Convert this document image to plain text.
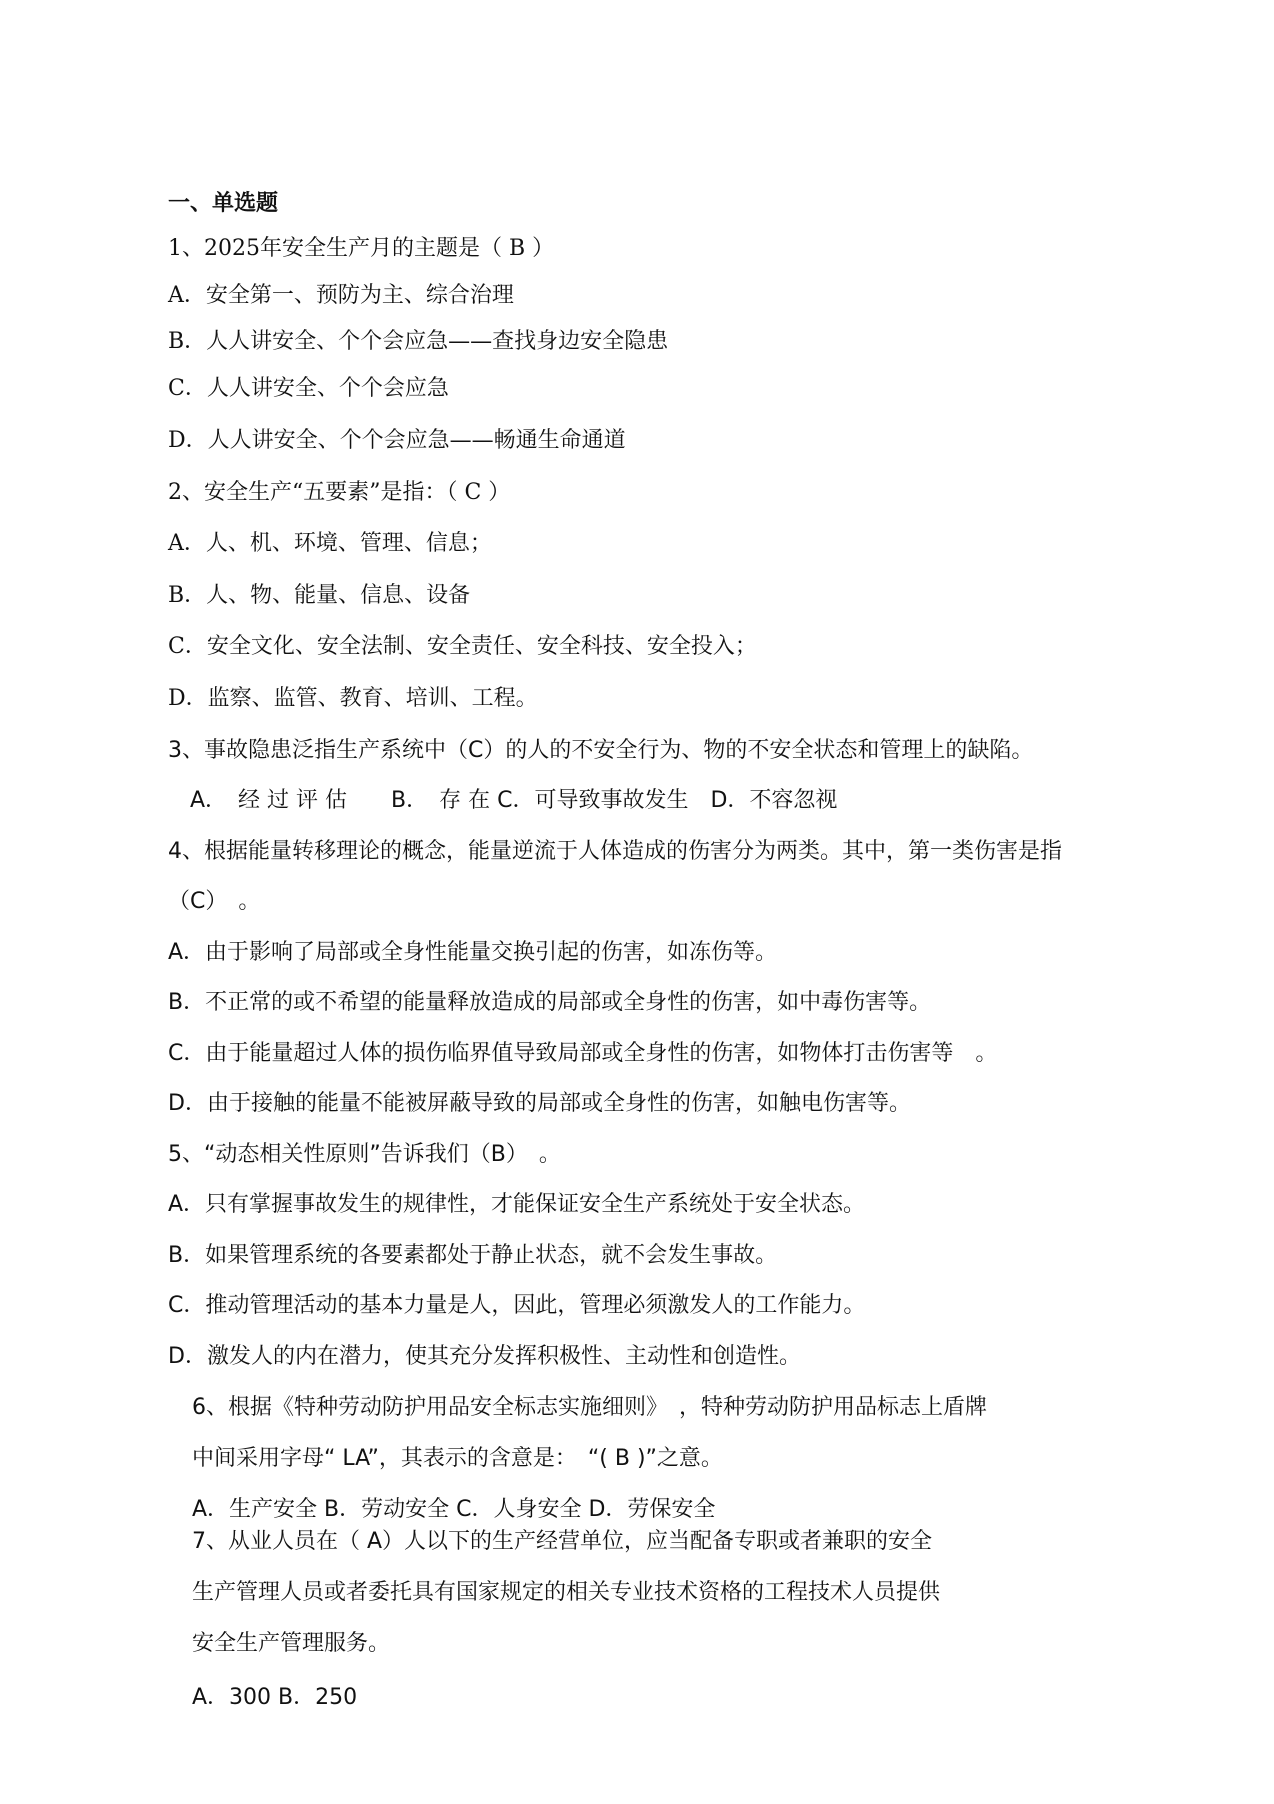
一、单选题
1、2025年安全生产月的主题是（ B ）
A．安全第一、预防为主、综合治理
B．人人讲安全、个个会应急——查找身边安全隐患
C．人人讲安全、个个会应急
D．人人讲安全、个个会应急——畅通生命通道
2、安全生产“五要素”是指：（ C ）
A．人、机、环境、管理、信息；
B．人、物、能量、信息、设备
C．安全文化、安全法制、安全责任、安全科技、安全投入；
D．监察、监管、教育、培训、工程。
3、事故隐患泛指生产系统中（C）的人的不安全行为、物的不安全状态和管理上的缺陷。
A．　经 过 评 估　　B．　存 在 C．可导致事故发生　D．不容忽视
4、根据能量转移理论的概念，能量逆流于人体造成的伤害分为两类。其中，第一类伤害是指
（C）　。
A．由于影响了局部或全身性能量交换引起的伤害，如冻伤等。
B．不正常的或不希望的能量释放造成的局部或全身性的伤害，如中毒伤害等。
C．由于能量超过人体的损伤临界值导致局部或全身性的伤害，如物体打击伤害等　。
D．由于接触的能量不能被屏蔽导致的局部或全身性的伤害，如触电伤害等。
5、“动态相关性原则”告诉我们（B）　。
A．只有掌握事故发生的规律性，才能保证安全生产系统处于安全状态。
B．如果管理系统的各要素都处于静止状态，就不会发生事故。
C．推动管理活动的基本力量是人，因此，管理必须激发人的工作能力。
D．激发人的内在潜力，使其充分发挥积极性、主动性和创造性。
6、根据《特种劳动防护用品安全标志实施细则》　，特种劳动防护用品标志上盾牌
中间采用字母“ LA”，其表示的含意是：　“( B )”之意。
A．生产安全 B．劳动安全 C．人身安全 D．劳保安全
7、从业人员在（ A）人以下的生产经营单位，应当配备专职或者兼职的安全
生产管理人员或者委托具有国家规定的相关专业技术资格的工程技术人员提供
安全生产管理服务。
A．300 B．250
